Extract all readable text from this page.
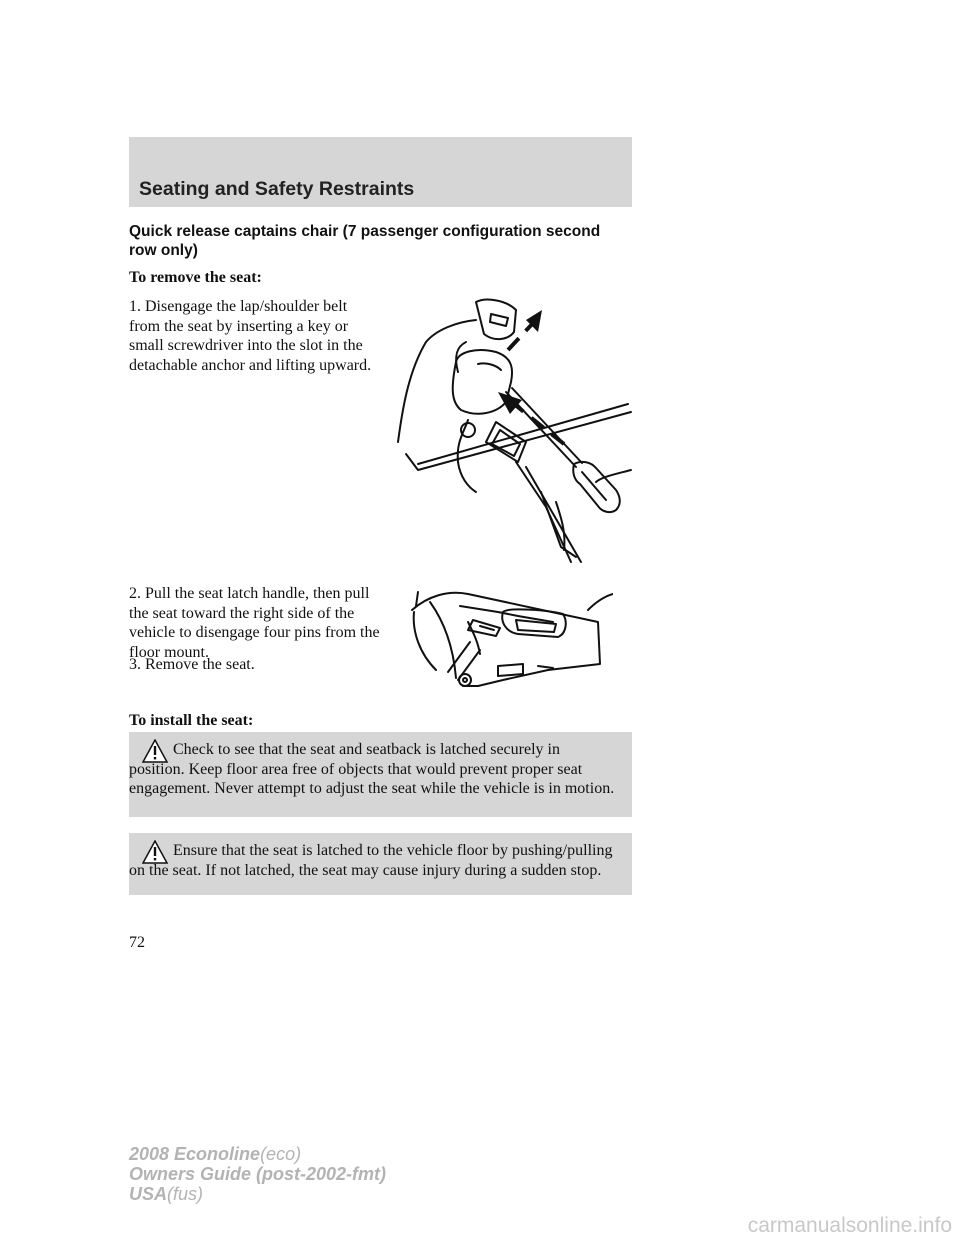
Seating and Safety Restraints
Quick release captains chair (7 passenger configuration second row only)
To remove the seat:
1. Disengage the lap/shoulder belt from the seat by inserting a key or small screwdriver into the slot in the detachable anchor and lifting upward.
2. Pull the seat latch handle, then pull the seat toward the right side of the vehicle to disengage four pins from the floor mount.
3. Remove the seat.
To install the seat:
Check to see that the seat and seatback is latched securely in position. Keep floor area free of objects that would prevent proper seat engagement. Never attempt to adjust the seat while the vehicle is in motion.
Ensure that the seat is latched to the vehicle floor by pushing/pulling on the seat. If not latched, the seat may cause injury during a sudden stop.
72
2008 Econoline(eco)
Owners Guide (post-2002-fmt)
USA(fus)
carmanualsonline.info
